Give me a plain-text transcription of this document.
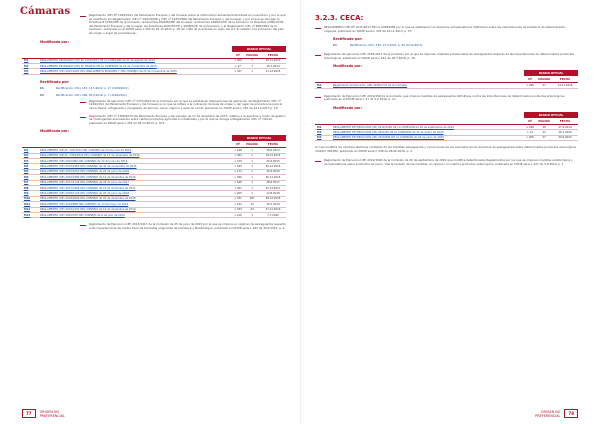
Cámaras	Reglamento (UE) Nº 1169/2011 del Parlamento Europeo y del Consejo sobre la información alimentaria facilitada al consumidor y por el que se modifican los Reglamentos (CE) nº 1924/2006 y (CE) nº 1925/2006 del Parlamento Europeo y del Consejo, y por el que se derogan la Directiva 87/250/CEE de la Comisión, la Directiva 90/496/CEE del Consejo, la Directiva 1999/10/CE de la Comisión, la Directiva 2000/13/CE del Parlamento Europeo y del Consejo, las Directivas 2002/67/CE y 2008/5/CE de la Comisión, y el Reglamento (CE) nº 608/2004 de la Comisión, publicado en el DOUE serie L 304 de 22.11.2011 p. 18 (en vista de la entrada en vigor del art. 9) relativo a la indicación del país de origen o lugar de procedencia...

Modificado por:
		DIARIO OFICIAL		
		Nº	PÁGINA	FECHA
M1	REGLAMENTO DELEGADO (UE) Nº 1155/2013 DE LA COMISIÓN de 21 de agosto de 2013	L 306	7	16.11.2013
M2	REGLAMENTO DELEGADO (UE) Nº 78/2014 DE LA COMISIÓN de 22 de noviembre de 2013	L 27	7	30.1.2014
M3	REGLAMENTO (UE) 2015/2283 DEL PARLAMENTO EUROPEO Y DEL CONSEJO de 25 de noviembre de 2015	L 327	1	11.12.2015
Rectificado por:
C1	Rectificación, DO L 167, 13.5.2012, p. 17 (1169/2011)
C2	Rectificación, DO L 266, 30.9.2016, p. 7 (1169/2011)

Reglamento de ejecución (UE) nº 1337/2013 de la Comisión por el que se establecen disposiciones de aplicación del Reglamento (UE) nº 1169/2011 del Parlamento Europeo y del Consejo en lo que se refiere a la indicación del país de origen o del lugar de procedencia para la carne fresca, refrigerada o congelada, de porcino, ovino, caprino y aves de corral, publicado en DOUE serie L 335 de 14.12.2013 p. 19.

Reglamento (UE) nº 1308/2013 del Parlamento Europeo y del Consejo de 17 de diciembre de 2013, relativo a la apertura y modo de gestión de contingentes arancelarios sobre ciertos productos agrícolas e industriales y por el que se deroga el Reglamento (UE) nº 7/2010, publicado en DOUE serie L 354 de 28.12.2013, p. 671.

Modificado por:
		DIARIO OFICIAL		
		Nº	PÁGINA	FECHA
M1	REGLAMENTO (UE) Nº 725/2014 DEL CONSEJO de 24 de junio de 2014	L 198	1	28.6.2014
M2	REGLAMENTO (UE) Nº 1344/2014 DEL CONSEJO de 15 de diciembre de 2014	L 363	1	18.12.2014
M3	REGLAMENTO (UE) 2015/982 DEL CONSEJO de 22 de junio de 2015	L 159	1	25.6.2015
M4	REGLAMENTO (UE) 2015/2265 DEL CONSEJO de 30 de noviembre de 2015	L 345	1	30.12.2015
M5	REGLAMENTO (UE) 2016/1052 DEL CONSEJO de 24 de junio de 2016	L 173	1	30.6.2016
M6	REGLAMENTO (UE) 2016/2389 DEL CONSEJO de 19 de diciembre de 2016	L 360	1	30.12.2016
M7	REGLAMENTO (UE) 2017/1144 DEL CONSEJO de 26 de junio de 2017	L 166	1	28.6.2017
M8	REGLAMENTO (UE) 2017/2466 DEL CONSEJO de 18 de diciembre de 2017	L 351	1	30.12.2017
M9	REGLAMENTO (UE) 2018/1129 DEL CONSEJO de 25 de junio de 2018	L 205	1	14.8.2018
M10	REGLAMENTO (UE) 2018/2069 DEL CONSEJO de 20 de diciembre de 2018	L 331	187	28.12.2018
M11	REGLAMENTO (UE) 2019/898 DEL CONSEJO de 13 de mayo de 2019	L 144	13	30.5.2019
M12	REGLAMENTO (UE) 2019/2197 DEL CONSEJO de 19 de diciembre de 2019	L 333	34	27.12.2019
M13	REGLAMENTO (UE) 2020/970 DEL CONSEJO de 6 de julio de 2020	L 216	1	7.7.2020

Reglamento de Ejecución (UE) 2015/1017 de la Comisión de 25 de junio de 2015 por el que se impone un régimen de salvaguardia respecto a las importaciones de ciertos tipos de bicicletas originarias de Camboya y Mozambique, publicado en DOUE serie L 163 de 30.6.2015, p. 2.

77	ORIGEN NO
PREFERENCIAL
3.2.3. CECA:

REGLAMENTO (UE) Nº 1031/2013 DE LA COMISIÓN por el que se establecen los derechos compensatorios definitivos sobre las importaciones de bioetanol de determinados orígenes, publicado en DOUE serie L 303 de 14.11.2013, p. 57.

Rectificado por:
C1	Rectificación, DO L 159, 27.5.2021, p. 59 (1011/2013)

Reglamento de ejecución (UE) 2018/1013 de la Comisión por el que se imponen medidas provisionales de salvaguardia respecto de las importaciones de determinados productos siderúrgicos, publicado en DOUE serie L 181 de 18.7.2018, p. 39.

Modificado por:
		DIARIO OFICIAL		
		Nº	PÁGINA	FECHA
M1	Reglamento de Ejecución (UE) 2018/1772 de la Comisión	L 286	57	14.11.2018

Reglamento de Ejecución (UE) 2019/159 de la Comisión que impone medidas de salvaguardia definitivas contra las importaciones de determinados productos siderúrgicos, publicado en el DOUE serie L 31 de 1.2.2019, p. 27.

Modificado por:
		DIARIO OFICIAL		
		Nº	PÁGINA	FECHA
M1	REGLAMENTO DE EJECUCIÓN (UE) 2019/1590 DE LA COMISIÓN de 26 de septiembre de 2019	L 248	28	27.9.2019
M2	REGLAMENTO DE EJECUCIÓN (UE) 2020/35 DE LA COMISIÓN de 15 de enero de 2020	L 12	11	16.1.2020
M3	REGLAMENTO DE EJECUCIÓN (UE) 2020/894 DE LA COMISIÓN de 29 de junio de 2020	L 206	27	30.6.2020

Al cual modifica los cambios efectivos confiados de las medidas salvaguardia y correcciones de los mercados de los derechos de salvaguardia sobre determinados productos siderúrgicos (2019/C 345/08), publicado en DOUE serie C 248 de 28.06.2019, p. 3.

Reglamento de Ejecución (UE) 2019/1590 de la Comisión de 26 de septiembre de 2019 que modifica determinados Reglamentos por los que se imponen medidas antidumping o compensatorias sobre productos de acero, tras la revisión de las medidas, en relación con ciertos productos siderúrgicos, publicado en DOUE serie L 227 de 3.9.2019, p. 1.

ORIGEN NO
PREFERENCIAL	78
